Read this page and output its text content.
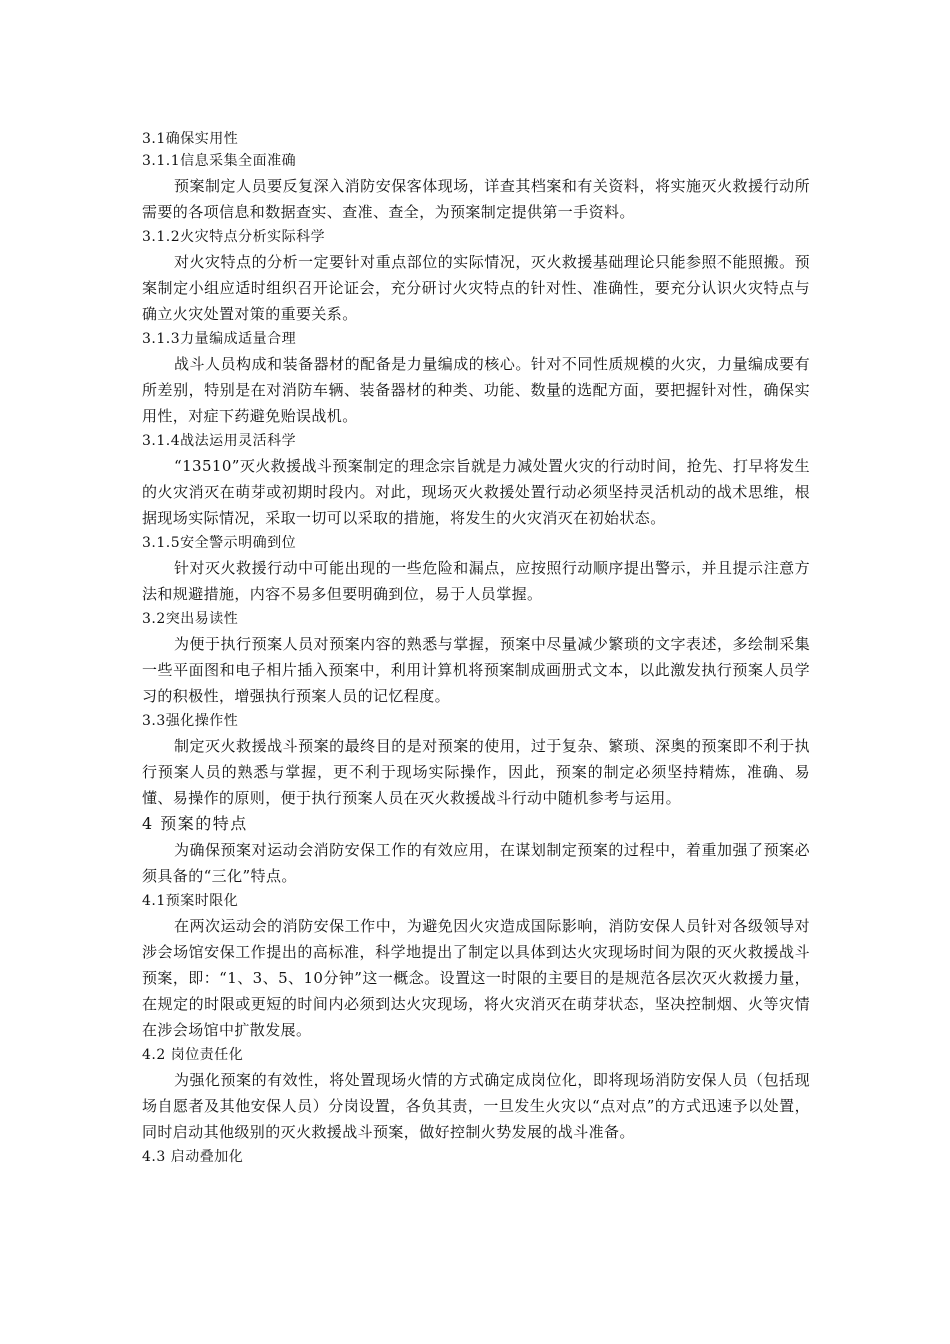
3.1确保实用性
3.1.1信息采集全面准确

预案制定人员要反复深入消防安保客体现场，详查其档案和有关资料，将实施灭火救援行动所需要的各项信息和数据查实、查准、查全，为预案制定提供第一手资料。

3.1.2火灾特点分析实际科学

对火灾特点的分析一定要针对重点部位的实际情况，灭火救援基础理论只能参照不能照搬。预案制定小组应适时组织召开论证会，充分研讨火灾特点的针对性、准确性，要充分认识火灾特点与确立火灾处置对策的重要关系。

3.1.3力量编成适量合理

战斗人员构成和装备器材的配备是力量编成的核心。针对不同性质规模的火灾，力量编成要有所差别，特别是在对消防车辆、装备器材的种类、功能、数量的选配方面，要把握针对性，确保实用性，对症下药避免贻误战机。

3.1.4战法运用灵活科学

“13510”灭火救援战斗预案制定的理念宗旨就是力减处置火灾的行动时间，抢先、打早将发生的火灾消灭在萌芽或初期时段内。对此，现场灭火救援处置行动必须坚持灵活机动的战术思维，根据现场实际情况，采取一切可以采取的措施，将发生的火灾消灭在初始状态。

3.1.5安全警示明确到位

针对灭火救援行动中可能出现的一些危险和漏点，应按照行动顺序提出警示，并且提示注意方法和规避措施，内容不易多但要明确到位，易于人员掌握。

3.2突出易读性

为便于执行预案人员对预案内容的熟悉与掌握，预案中尽量减少繁琐的文字表述，多绘制采集一些平面图和电子相片插入预案中，利用计算机将预案制成画册式文本，以此激发执行预案人员学习的积极性，增强执行预案人员的记忆程度。

3.3强化操作性

制定灭火救援战斗预案的最终目的是对预案的使用，过于复杂、繁琐、深奥的预案即不利于执行预案人员的熟悉与掌握，更不利于现场实际操作，因此，预案的制定必须坚持精炼，准确、易懂、易操作的原则，便于执行预案人员在灭火救援战斗行动中随机参考与运用。

4 预案的特点

为确保预案对运动会消防安保工作的有效应用，在谋划制定预案的过程中，着重加强了预案必须具备的“三化”特点。

4.1预案时限化

在两次运动会的消防安保工作中，为避免因火灾造成国际影响，消防安保人员针对各级领导对涉会场馆安保工作提出的高标准，科学地提出了制定以具体到达火灾现场时间为限的灭火救援战斗预案，即：“1、3、5、10分钟”这一概念。设置这一时限的主要目的是规范各层次灭火救援力量，在规定的时限或更短的时间内必须到达火灾现场，将火灾消灭在萌芽状态，坚决控制烟、火等灾情在涉会场馆中扩散发展。

4.2 岗位责任化

为强化预案的有效性，将处置现场火情的方式确定成岗位化，即将现场消防安保人员（包括现场自愿者及其他安保人员）分岗设置，各负其责，一旦发生火灾以“点对点”的方式迅速予以处置，同时启动其他级别的灭火救援战斗预案，做好控制火势发展的战斗准备。

4.3 启动叠加化
